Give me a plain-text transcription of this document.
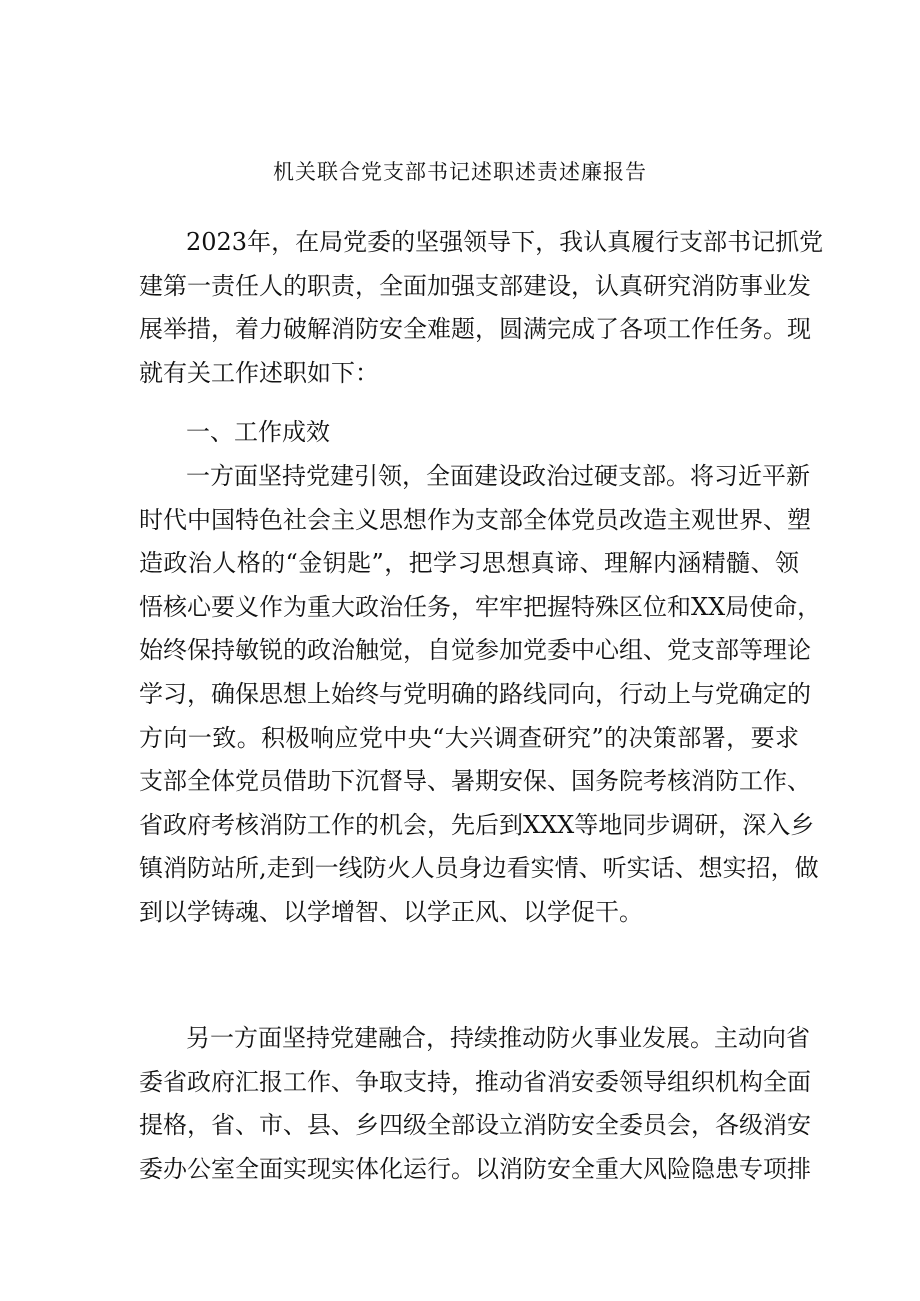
机关联合党支部书记述职述责述廉报告
2023年，在局党委的坚强领导下，我认真履行支部书记抓党
建第一责任人的职责，全面加强支部建设，认真研究消防事业发
展举措，着力破解消防安全难题，圆满完成了各项工作任务。现
就有关工作述职如下：
一、工作成效
一方面坚持党建引领，全面建设政治过硬支部。将习近平新
时代中国特色社会主义思想作为支部全体党员改造主观世界、塑
造政治人格的“金钥匙”，把学习思想真谛、理解内涵精髓、领
悟核心要义作为重大政治任务，牢牢把握特殊区位和XX局使命，
始终保持敏锐的政治触觉，自觉参加党委中心组、党支部等理论
学习，确保思想上始终与党明确的路线同向，行动上与党确定的
方向一致。积极响应党中央“大兴调查研究”的决策部署，要求
支部全体党员借助下沉督导、暑期安保、国务院考核消防工作、
省政府考核消防工作的机会，先后到XXX等地同步调研，深入乡
镇消防站所,走到一线防火人员身边看实情、听实话、想实招，做
到以学铸魂、以学增智、以学正风、以学促干。
另一方面坚持党建融合，持续推动防火事业发展。主动向省
委省政府汇报工作、争取支持，推动省消安委领导组织机构全面
提格，省、市、县、乡四级全部设立消防安全委员会，各级消安
委办公室全面实现实体化运行。以消防安全重大风险隐患专项排
